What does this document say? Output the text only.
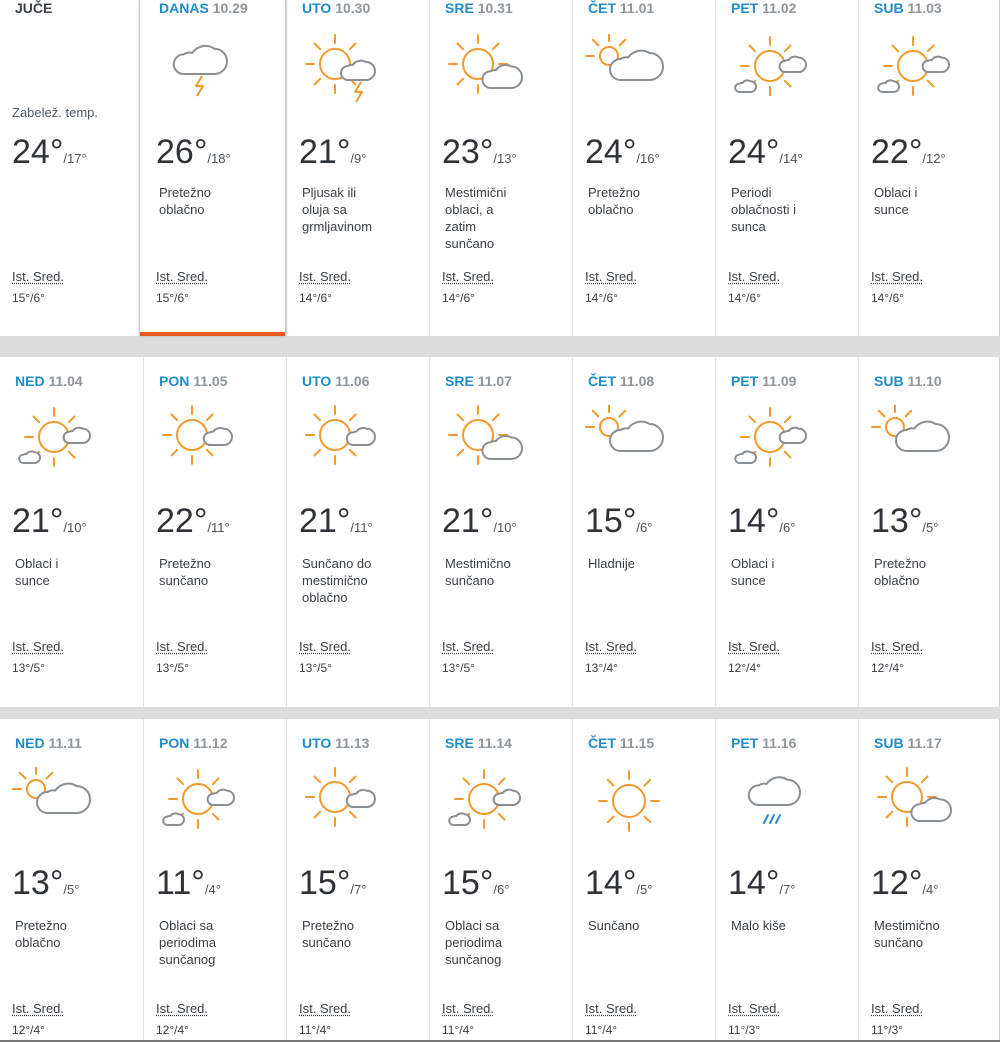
JUČE
Zabelež. temp.
24°/17°
Ist. Sred.
15°/6°
DANAS 10.29
26°/18°
Pretežno
oblačno
Ist. Sred.
15°/6°
UTO 10.30
21°/9°
Pljusak ili
oluja sa
grmljavinom
Ist. Sred.
14°/6°
SRE 10.31
23°/13°
Mestimični
oblaci, a
zatim
sunčano
Ist. Sred.
14°/6°
ČET 11.01
24°/16°
Pretežno
oblačno
Ist. Sred.
14°/6°
PET 11.02
24°/14°
Periodi
oblačnosti i
sunca
Ist. Sred.
14°/6°
SUB 11.03
22°/12°
Oblaci i
sunce
Ist. Sred.
14°/6°
NED 11.04
21°/10°
Oblaci i
sunce
Ist. Sred.
13°/5°
PON 11.05
22°/11°
Pretežno
sunčano
Ist. Sred.
13°/5°
UTO 11.06
21°/11°
Sunčano do
mestimično
oblačno
Ist. Sred.
13°/5°
SRE 11.07
21°/10°
Mestimično
sunčano
Ist. Sred.
13°/5°
ČET 11.08
15°/6°
Hladnije
Ist. Sred.
13°/4°
PET 11.09
14°/6°
Oblaci i
sunce
Ist. Sred.
12°/4°
SUB 11.10
13°/5°
Pretežno
oblačno
Ist. Sred.
12°/4°
NED 11.11
13°/5°
Pretežno
oblačno
Ist. Sred.
12°/4°
PON 11.12
11°/4°
Oblaci sa
periodima
sunčanog
Ist. Sred.
12°/4°
UTO 11.13
15°/7°
Pretežno
sunčano
Ist. Sred.
11°/4°
SRE 11.14
15°/6°
Oblaci sa
periodima
sunčanog
Ist. Sred.
11°/4°
ČET 11.15
14°/5°
Sunčano
Ist. Sred.
11°/4°
PET 11.16
14°/7°
Malo kiše
Ist. Sred.
11°/3°
SUB 11.17
12°/4°
Mestimično
sunčano
Ist. Sred.
11°/3°
